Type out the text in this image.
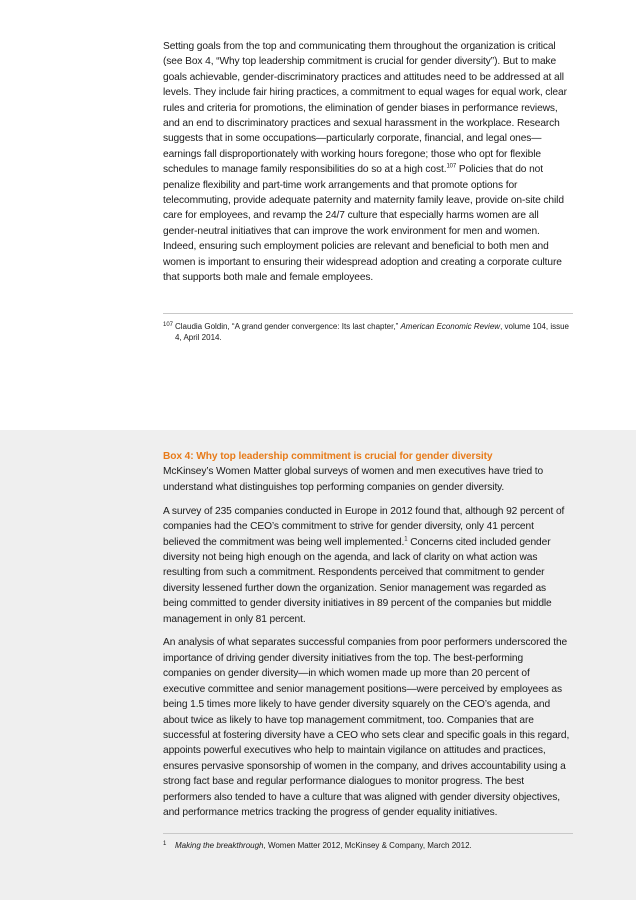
Setting goals from the top and communicating them throughout the organization is critical (see Box 4, “Why top leadership commitment is crucial for gender diversity”). But to make goals achievable, gender-discriminatory practices and attitudes need to be addressed at all levels. They include fair hiring practices, a commitment to equal wages for equal work, clear rules and criteria for promotions, the elimination of gender biases in performance reviews, and an end to discriminatory practices and sexual harassment in the workplace. Research suggests that in some occupations—particularly corporate, financial, and legal ones—earnings fall disproportionately with working hours foregone; those who opt for flexible schedules to manage family responsibilities do so at a high cost.$^{107}$ Policies that do not penalize flexibility and part-time work arrangements and that promote options for telecommuting, provide adequate paternity and maternity family leave, provide on-site child care for employees, and revamp the 24/7 culture that especially harms women are all gender-neutral initiatives that can improve the work environment for men and women. Indeed, ensuring such employment policies are relevant and beneficial to both men and women is important to ensuring their widespread adoption and creating a corporate culture that supports both male and female employees.

107 Claudia Goldin, “A grand gender convergence: Its last chapter,” American Economic Review, volume 104, issue 4, April 2014.
Box 4: Why top leadership commitment is crucial for gender diversity

McKinsey’s Women Matter global surveys of women and men executives have tried to understand what distinguishes top performing companies on gender diversity.

A survey of 235 companies conducted in Europe in 2012 found that, although 92 percent of companies had the CEO’s commitment to strive for gender diversity, only 41 percent believed the commitment was being well implemented.$^1$ Concerns cited included gender diversity not being high enough on the agenda, and lack of clarity on what action was resulting from such a commitment. Respondents perceived that commitment to gender diversity lessened further down the organization. Senior management was regarded as being committed to gender diversity initiatives in 89 percent of the companies but middle management in only 81 percent.

An analysis of what separates successful companies from poor performers underscored the importance of driving gender diversity initiatives from the top. The best-performing companies on gender diversity—in which women made up more than 20 percent of executive committee and senior management positions—were perceived by employees as being 1.5 times more likely to have gender diversity squarely on the CEO’s agenda, and about twice as likely to have top management commitment, too. Companies that are successful at fostering diversity have a CEO who sets clear and specific goals in this regard, appoints powerful executives who help to maintain vigilance on attitudes and practices, ensures pervasive sponsorship of women in the company, and drives accountability using a strong fact base and regular performance dialogues to monitor progress. The best performers also tended to have a culture that was aligned with gender diversity objectives, and performance metrics tracking the progress of gender equality initiatives.

1 Making the breakthrough, Women Matter 2012, McKinsey & Company, March 2012.
